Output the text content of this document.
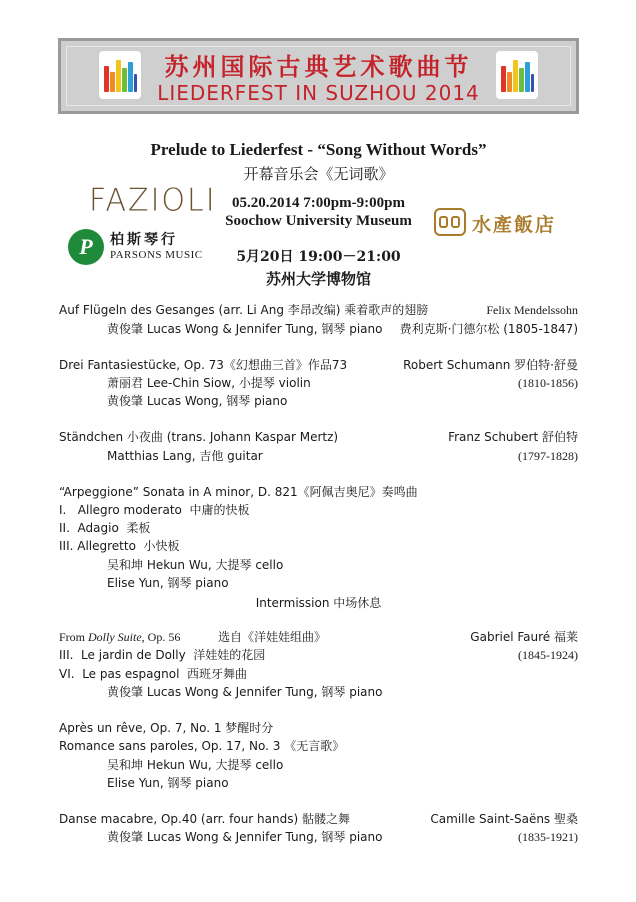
苏州国际古典艺术歌曲节
LIEDERFEST IN SUZHOU 2014
Prelude to Liederfest - “Song Without Words”
开幕音乐会《无词歌》
05.20.2014 7:00pm-9:00pm
Soochow University Museum
5月20日 19:00－21:00
苏州大学博物馆
FAZIOLI
P	柏斯琴行
PARSONS MUSIC
水產飯店
Auf Flügeln des Gesanges (arr. Li Ang 李昂改编) 乘着歌声的翅膀	Felix Mendelssohn
黄俊肇 Lucas Wong & Jennifer Tung, 钢琴 piano 费利克斯·门德尔松 (1805-1847)
Drei Fantasiestücke, Op. 73《幻想曲三首》作品73	Robert Schumann 罗伯特·舒曼
萧丽君 Lee-Chin Siow, 小提琴 violin	(1810-1856)
黄俊肇 Lucas Wong, 钢琴 piano
Ständchen 小夜曲 (trans. Johann Kaspar Mertz)	Franz Schubert 舒伯特
Matthias Lang, 吉他 guitar	(1797-1828)
“Arpeggione” Sonata in A minor, D. 821《阿佩吉奥尼》奏鸣曲
I.   Allegro moderato  中庸的快板
II.  Adagio  柔板
III. Allegretto  小快板
吴和坤 Hekun Wu, 大提琴 cello
Elise Yun, 钢琴 piano
Intermission 中场休息
From Dolly Suite, Op. 56	选自《洋娃娃组曲》	Gabriel Fauré 福莱
III.  Le jardin de Dolly  洋娃娃的花园	(1845-1924)
VI.  Le pas espagnol  西班牙舞曲
黄俊肇 Lucas Wong & Jennifer Tung, 钢琴 piano
Après un rêve, Op. 7, No. 1 梦醒时分
Romance sans paroles, Op. 17, No. 3 《无言歌》
吴和坤 Hekun Wu, 大提琴 cello
Elise Yun, 钢琴 piano
Danse macabre, Op.40 (arr. four hands) 骷髅之舞	Camille Saint-Saëns 聖桑
黄俊肇 Lucas Wong & Jennifer Tung, 钢琴 piano	(1835-1921)
